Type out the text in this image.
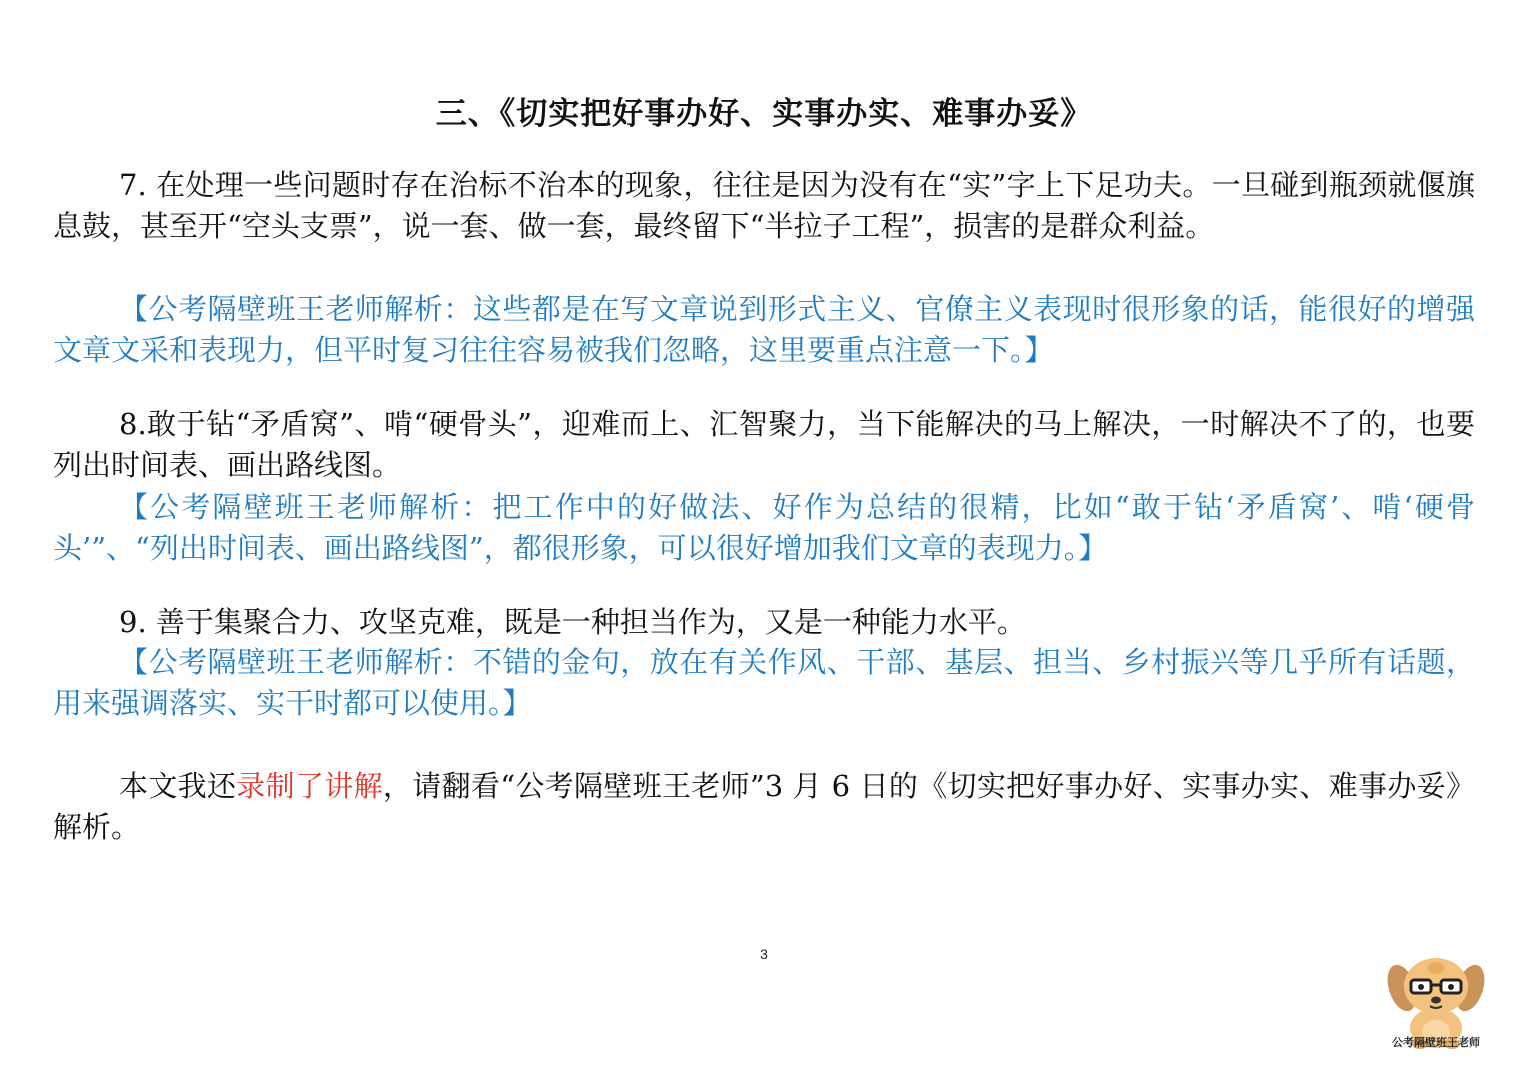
三、《切实把好事办好、实事办实、难事办妥》

7. 在处理一些问题时存在治标不治本的现象，往往是因为没有在“实”字上下足功夫。一旦碰到瓶颈就偃旗息鼓，甚至开“空头支票”，说一套、做一套，最终留下“半拉子工程”，损害的是群众利益。

【公考隔壁班王老师解析：这些都是在写文章说到形式主义、官僚主义表现时很形象的话，能很好的增强文章文采和表现力，但平时复习往往容易被我们忽略，这里要重点注意一下。】

8.敢于钻“矛盾窝”、啃“硬骨头”，迎难而上、汇智聚力，当下能解决的马上解决，一时解决不了的，也要列出时间表、画出路线图。

【公考隔壁班王老师解析：把工作中的好做法、好作为总结的很精，比如“敢于钻‘矛盾窝’、啃‘硬骨头’”、“列出时间表、画出路线图”，都很形象，可以很好增加我们文章的表现力。】

9. 善于集聚合力、攻坚克难，既是一种担当作为，又是一种能力水平。

【公考隔壁班王老师解析：不错的金句，放在有关作风、干部、基层、担当、乡村振兴等几乎所有话题，用来强调落实、实干时都可以使用。】

本文我还录制了讲解，请翻看“公考隔壁班王老师”3 月 6 日的《切实把好事办好、实事办实、难事办妥》解析。

3
公考隔壁班王老师
